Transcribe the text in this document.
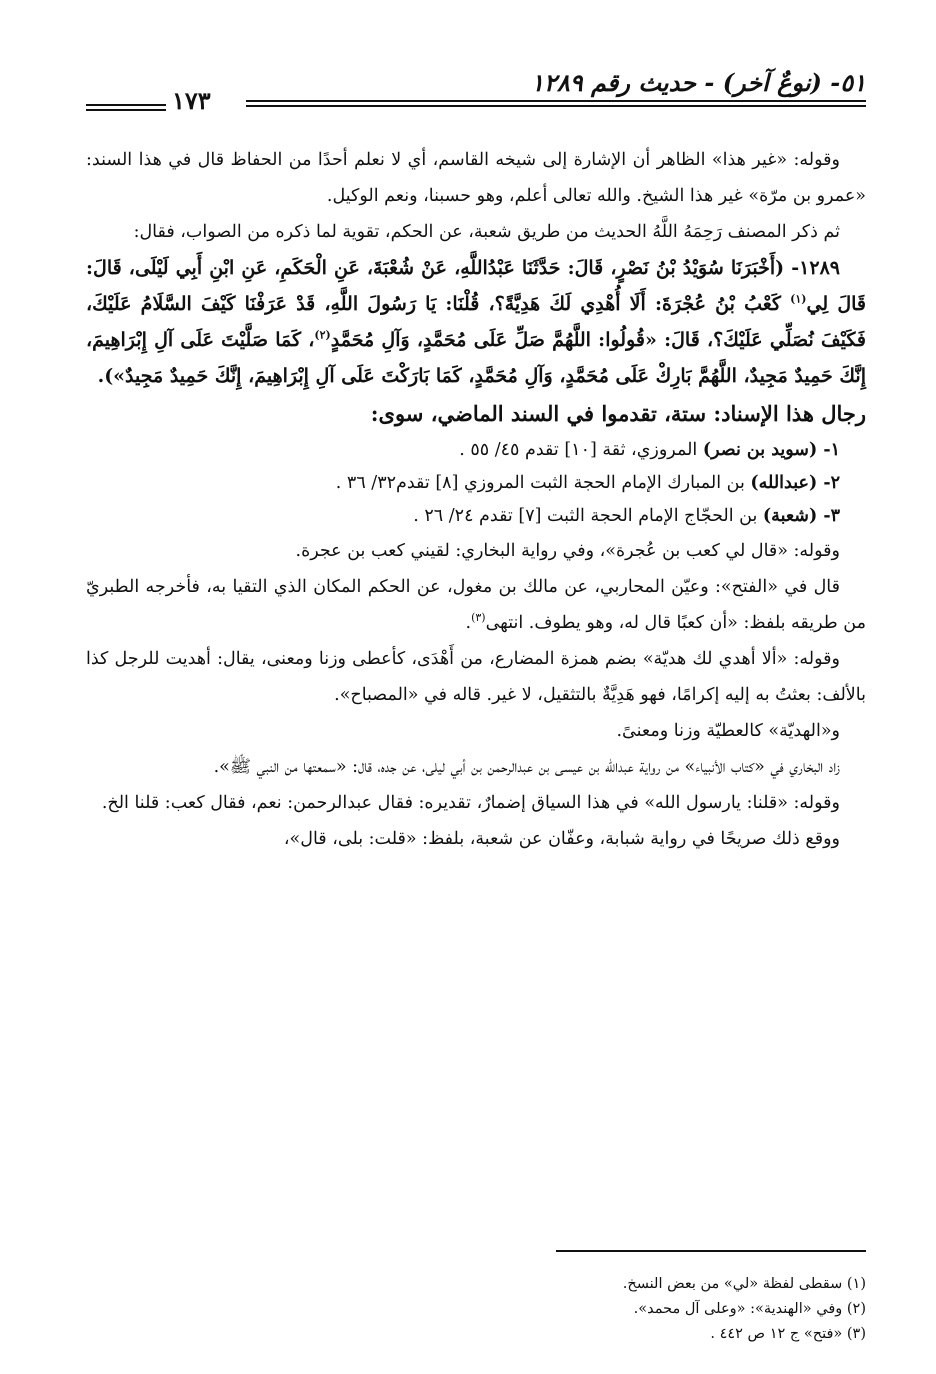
٥١- (نوعٌ آخر) - حديث رقم ١٢٨٩
١٧٣

وقوله: «غير هذا» الظاهر أن الإشارة إلى شيخه القاسم، أي لا نعلم أحدًا من الحفاظ قال في هذا السند: «عمرو بن مرّة» غير هذا الشيخ. والله تعالى أعلم، وهو حسبنا، ونعم الوكيل.

ثم ذكر المصنف رَحِمَهُ اللَّهُ الحديث من طريق شعبة، عن الحكم، تقوية لما ذكره من الصواب، فقال:

١٢٨٩- (أَخْبَرَنَا سُوَيْدُ بْنُ نَصْرٍ، قَالَ: حَدَّثَنَا عَبْدُاللَّهِ، عَنْ شُعْبَةَ، عَنِ الْحَكَمِ، عَنِ ابْنِ أَبِي لَيْلَى، قَالَ: قَالَ لِي$^{(١)}$ كَعْبُ بْنُ عُجْرَةَ: أَلَا أُهْدِي لَكَ هَدِيَّةً؟، قُلْنَا: يَا رَسُولَ اللَّهِ، قَدْ عَرَفْنَا كَيْفَ السَّلَامُ عَلَيْكَ، فَكَيْفَ نُصَلِّي عَلَيْكَ؟، قَالَ: «قُولُوا: اللَّهُمَّ صَلِّ عَلَى مُحَمَّدٍ، وَآلِ مُحَمَّدٍ$^{(٢)}$، كَمَا صَلَّيْتَ عَلَى آلِ إِبْرَاهِيمَ، إِنَّكَ حَمِيدٌ مَجِيدٌ، اللَّهُمَّ بَارِكْ عَلَى مُحَمَّدٍ، وَآلِ مُحَمَّدٍ، كَمَا بَارَكْتَ عَلَى آلِ إِبْرَاهِيمَ، إِنَّكَ حَمِيدٌ مَجِيدٌ»).

رجال هذا الإسناد: ستة، تقدموا في السند الماضي، سوى:

١- (سويد بن نصر) المروزي، ثقة [١٠] تقدم ٤٥/ ٥٥ .

٢- (عبدالله) بن المبارك الإمام الحجة الثبت المروزي [٨] تقدم٣٢/ ٣٦ .

٣- (شعبة) بن الحجّاج الإمام الحجة الثبت [٧] تقدم ٢٤/ ٢٦ .

وقوله: «قال لي كعب بن عُجرة»، وفي رواية البخاري: لقيني كعب بن عجرة.

قال في «الفتح»: وعيّن المحاربي، عن مالك بن مغول، عن الحكم المكان الذي التقيا به، فأخرجه الطبريّ من طريقه بلفظ: «أن كعبًا قال له، وهو يطوف. انتهى$^{(٣)}$.

وقوله: «ألا أهدي لك هديّة» بضم همزة المضارع، من أَهْدَى، كأعطى وزنا ومعنى، يقال: أهديت للرجل كذا بالألف: بعثتُ به إليه إكرامًا، فهو هَدِيَّةٌ بالتثقيل، لا غير. قاله في «المصباح».

و«الهديّة» كالعطيّة وزنا ومعنىً.

زاد البخاري في «كتاب الأنبياء» من رواية عبدالله بن عيسى بن عبدالرحمن بن أبي ليلى، عن جده، قال: «سمعتها من النبي ﷺ».

وقوله: «قلنا: يارسول الله» في هذا السياق إضمارٌ، تقديره: فقال عبدالرحمن: نعم، فقال كعب: قلنا الخ.

ووقع ذلك صريحًا في رواية شبابة، وعفّان عن شعبة، بلفظ: «قلت: بلى، قال»،

(١) سقطى لفظة «لي» من بعض النسخ.

(٢) وفي «الهندية»: «وعلى آل محمد».

(٣) «فتح» ج ١٢ ص ٤٤٢ .
